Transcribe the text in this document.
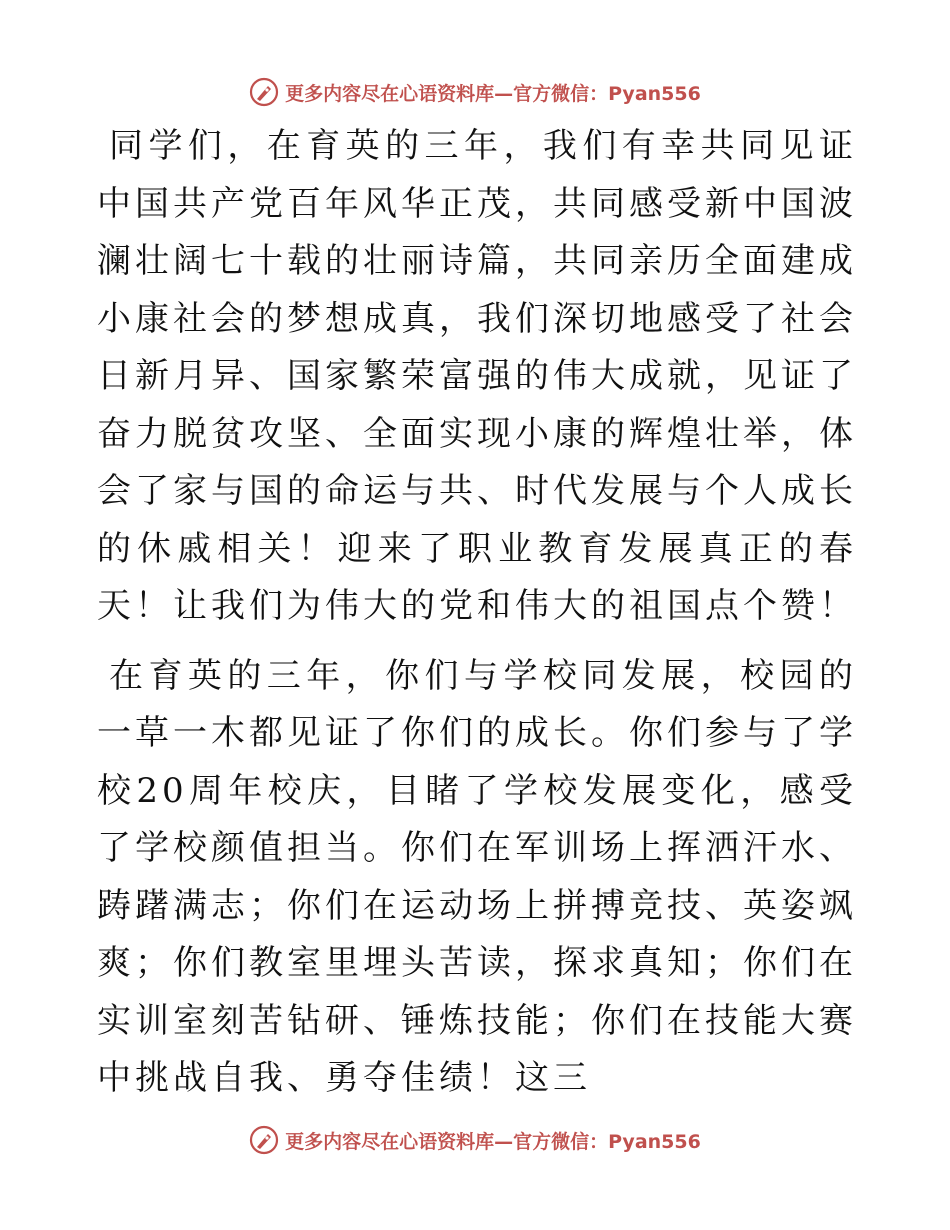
更多内容尽在心语资料库—官方微信：Pyan556

同学们，在育英的三年，我们有幸共同见证中国共产党百年风华正茂，共同感受新中国波澜壮阔七十载的壮丽诗篇，共同亲历全面建成小康社会的梦想成真，我们深切地感受了社会日新月异、国家繁荣富强的伟大成就，见证了奋力脱贫攻坚、全面实现小康的辉煌壮举，体会了家与国的命运与共、时代发展与个人成长的休戚相关！迎来了职业教育发展真正的春天！让我们为伟大的党和伟大的祖国点个赞！

在育英的三年，你们与学校同发展，校园的一草一木都见证了你们的成长。你们参与了学校20周年校庆，目睹了学校发展变化，感受了学校颜值担当。你们在军训场上挥洒汗水、踌躇满志；你们在运动场上拼搏竞技、英姿飒爽；你们教室里埋头苦读，探求真知；你们在实训室刻苦钻研、锤炼技能；你们在技能大赛中挑战自我、勇夺佳绩！这三

更多内容尽在心语资料库—官方微信：Pyan556
